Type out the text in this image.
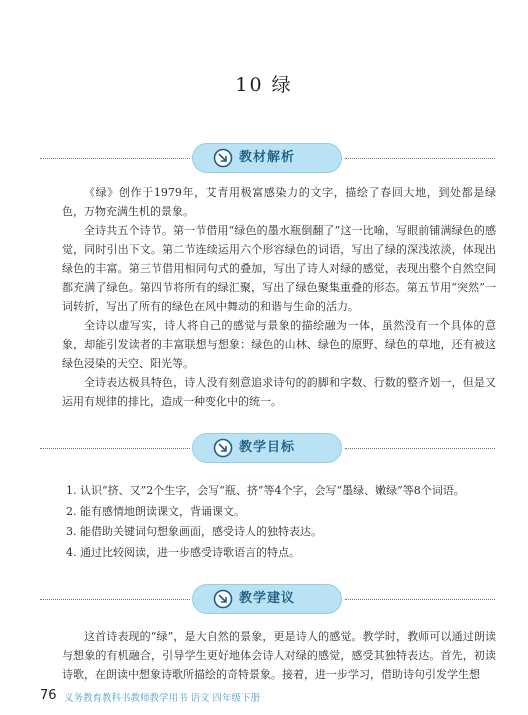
10 绿
教材解析

《绿》创作于1979年，艾青用极富感染力的文字，描绘了春回大地，到处都是绿色，万物充满生机的景象。

全诗共五个诗节。第一节借用“绿色的墨水瓶倒翻了”这一比喻，写眼前铺满绿色的感觉，同时引出下文。第二节连续运用六个形容绿色的词语，写出了绿的深浅浓淡，体现出绿色的丰富。第三节借用相同句式的叠加，写出了诗人对绿的感觉，表现出整个自然空间都充满了绿色。第四节将所有的绿汇聚，写出了绿色聚集重叠的形态。第五节用“突然”一词转折，写出了所有的绿色在风中舞动的和谐与生命的活力。

全诗以虚写实，诗人将自己的感觉与景象的描绘融为一体，虽然没有一个具体的意象，却能引发读者的丰富联想与想象：绿色的山林、绿色的原野、绿色的草地，还有被这绿色浸染的天空、阳光等。

全诗表达极具特色，诗人没有刻意追求诗句的韵脚和字数、行数的整齐划一，但是又运用有规律的排比，造成一种变化中的统一。

教学目标
1. 认识“挤、又”2个生字，会写“瓶、挤”等4个字，会写“墨绿、嫩绿”等8个词语。
2. 能有感情地朗读课文，背诵课文。
3. 能借助关键词句想象画面，感受诗人的独特表达。
4. 通过比较阅读，进一步感受诗歌语言的特点。
教学建议

这首诗表现的“绿”，是大自然的景象，更是诗人的感觉。教学时，教师可以通过朗读与想象的有机融合，引导学生更好地体会诗人对绿的感觉，感受其独特表达。首先，初读诗歌，在朗读中想象诗歌所描绘的奇特景象。接着，进一步学习，借助诗句引发学生想

76 义务教育教科书教师教学用书 语文 四年级下册
